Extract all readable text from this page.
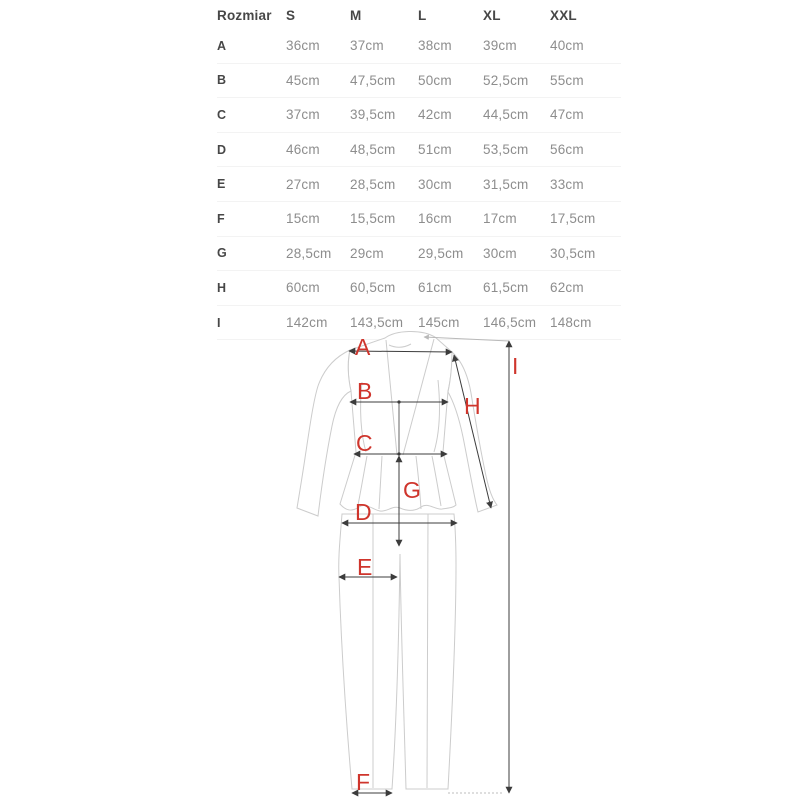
Rozmiar	S	M	L	XL	XXL
A	36cm	37cm	38cm	39cm	40cm
B	45cm	47,5cm	50cm	52,5cm	55cm
C	37cm	39,5cm	42cm	44,5cm	47cm
D	46cm	48,5cm	51cm	53,5cm	56cm
E	27cm	28,5cm	30cm	31,5cm	33cm
F	15cm	15,5cm	16cm	17cm	17,5cm
G	28,5cm	29cm	29,5cm	30cm	30,5cm
H	60cm	60,5cm	61cm	61,5cm	62cm
I	142cm	143,5cm	145cm	146,5cm	148cm
A
B
C
D
E
F
G
H
I
